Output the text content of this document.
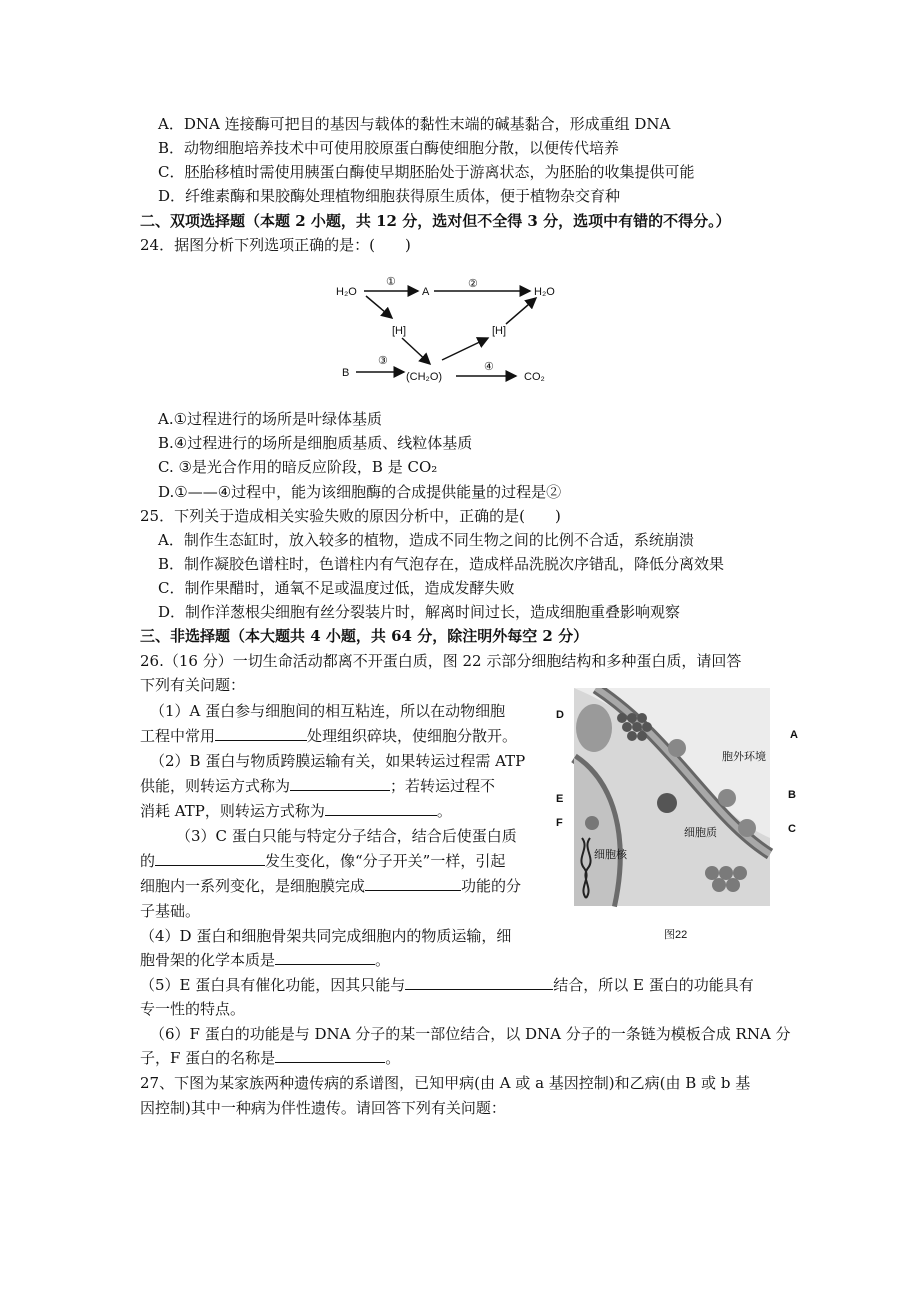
A．DNA 连接酶可把目的基因与载体的黏性末端的碱基黏合，形成重组 DNA
B．动物细胞培养技术中可使用胶原蛋白酶使细胞分散，以便传代培养
C．胚胎移植时需使用胰蛋白酶使早期胚胎处于游离状态，为胚胎的收集提供可能
D．纤维素酶和果胶酶处理植物细胞获得原生质体，便于植物杂交育种
二、双项选择题（本题 2 小题，共 12 分，选对但不全得 3 分，选项中有错的不得分。）
24．据图分析下列选项正确的是：(　　)
H₂O
①
A
②
H₂O
[H]	[H]
B
③
(CH₂O)
④
CO₂
A.①过程进行的场所是叶绿体基质
B.④过程进行的场所是细胞质基质、线粒体基质
C. ③是光合作用的暗反应阶段，B 是 CO₂
D.①——④过程中，能为该细胞酶的合成提供能量的过程是②
25．下列关于造成相关实验失败的原因分析中，正确的是(　　)
A．制作生态缸时，放入较多的植物，造成不同生物之间的比例不合适，系统崩溃
B．制作凝胶色谱柱时，色谱柱内有气泡存在，造成样品洗脱次序错乱，降低分离效果
C．制作果醋时，通氧不足或温度过低，造成发酵失败
D．制作洋葱根尖细胞有丝分裂装片时，解离时间过长，造成细胞重叠影响观察
三、非选择题（本大题共 4 小题，共 64 分，除注明外每空 2 分）
26.（16 分）一切生命活动都离不开蛋白质，图 22 示部分细胞结构和多种蛋白质，请回答
下列有关问题：
（1）A 蛋白参与细胞间的相互粘连，所以在动物细胞
工程中常用	处理组织碎块，使细胞分散开。
（2）B 蛋白与物质跨膜运输有关，如果转运过程需 ATP
供能，则转运方式称为	；若转运过程不
消耗 ATP，则转运方式称为	。
（3）C 蛋白只能与特定分子结合，结合后使蛋白质
的	发生变化，像“分子开关”一样，引起
细胞内一系列变化，是细胞膜完成	功能的分
子基础。
（4）D 蛋白和细胞骨架共同完成细胞内的物质运输，细
胞骨架的化学本质是	。
（5）E 蛋白具有催化功能，因其只能与	结合，所以 E 蛋白的功能具有
专一性的特点。
（6）F 蛋白的功能是与 DNA 分子的某一部位结合，以 DNA 分子的一条链为模板合成 RNA 分
子，F 蛋白的名称是	。
D
A
B
C
E
F
胞外环境
细胞质
细胞核
图22
27、下图为某家族两种遗传病的系谱图，已知甲病(由 A 或 a 基因控制)和乙病(由 B 或 b 基
因控制)其中一种病为伴性遗传。请回答下列有关问题：
